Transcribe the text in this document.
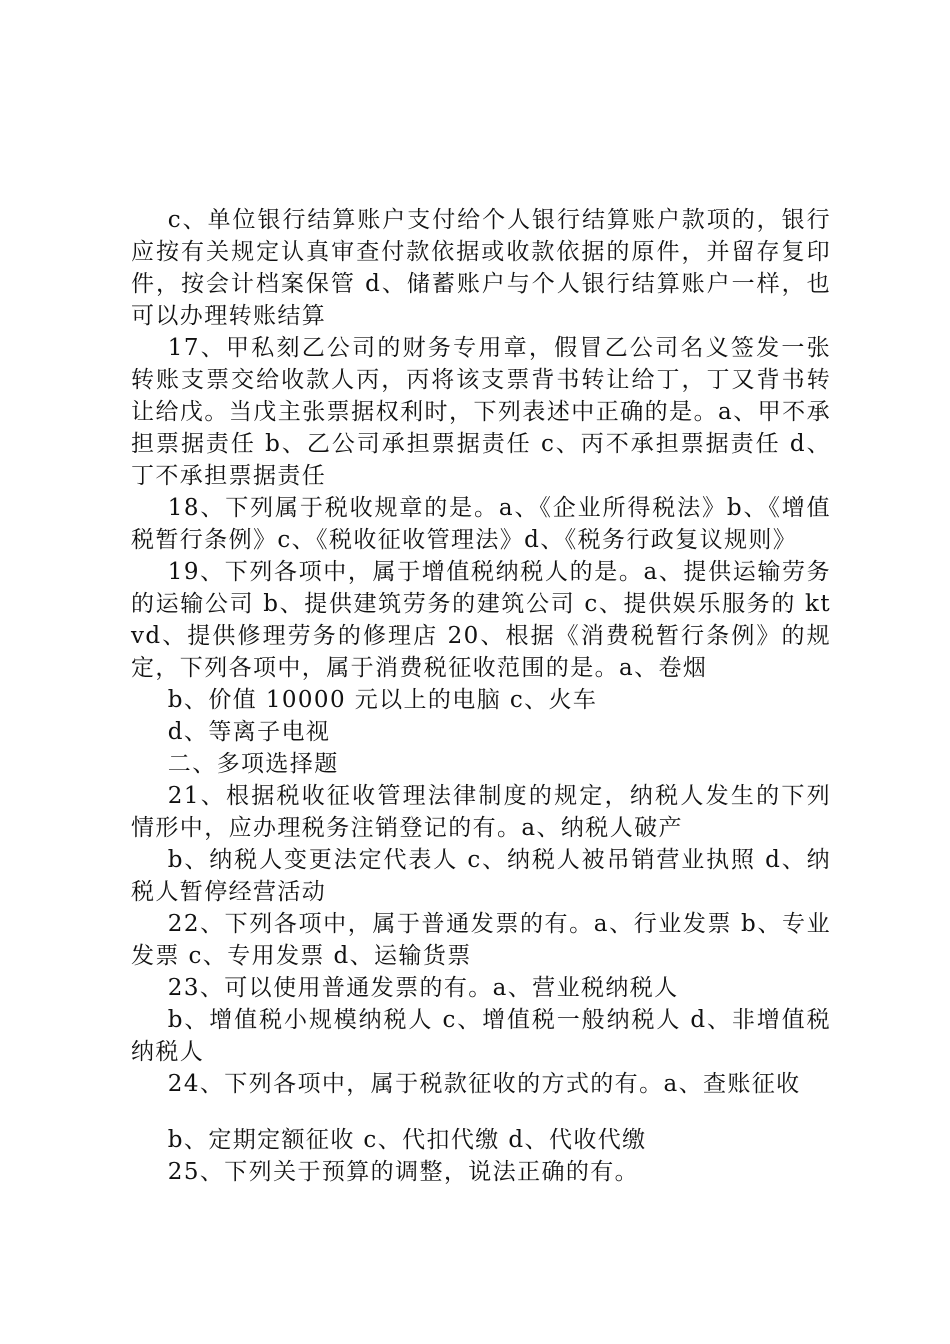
c、单位银行结算账户支付给个人银行结算账户款项的，银行应按有关规定认真审查付款依据或收款依据的原件，并留存复印件，按会计档案保管 d、储蓄账户与个人银行结算账户一样，也可以办理转账结算

17、甲私刻乙公司的财务专用章，假冒乙公司名义签发一张转账支票交给收款人丙，丙将该支票背书转让给丁，丁又背书转让给戊。当戊主张票据权利时，下列表述中正确的是。a、甲不承担票据责任 b、乙公司承担票据责任 c、丙不承担票据责任 d、丁不承担票据责任

18、下列属于税收规章的是。a、《企业所得税法》b、《增值税暂行条例》c、《税收征收管理法》d、《税务行政复议规则》

19、下列各项中，属于增值税纳税人的是。a、提供运输劳务的运输公司 b、提供建筑劳务的建筑公司 c、提供娱乐服务的 ktvd、提供修理劳务的修理店 20、根据《消费税暂行条例》的规定，下列各项中，属于消费税征收范围的是。a、卷烟

b、价值 10000 元以上的电脑 c、火车

d、等离子电视

二、多项选择题

21、根据税收征收管理法律制度的规定，纳税人发生的下列情形中，应办理税务注销登记的有。a、纳税人破产

b、纳税人变更法定代表人 c、纳税人被吊销营业执照 d、纳税人暂停经营活动

22、下列各项中，属于普通发票的有。a、行业发票 b、专业发票 c、专用发票 d、运输货票

23、可以使用普通发票的有。a、营业税纳税人

b、增值税小规模纳税人 c、增值税一般纳税人 d、非增值税纳税人

24、下列各项中，属于税款征收的方式的有。a、查账征收

b、定期定额征收 c、代扣代缴 d、代收代缴

25、下列关于预算的调整，说法正确的有。
